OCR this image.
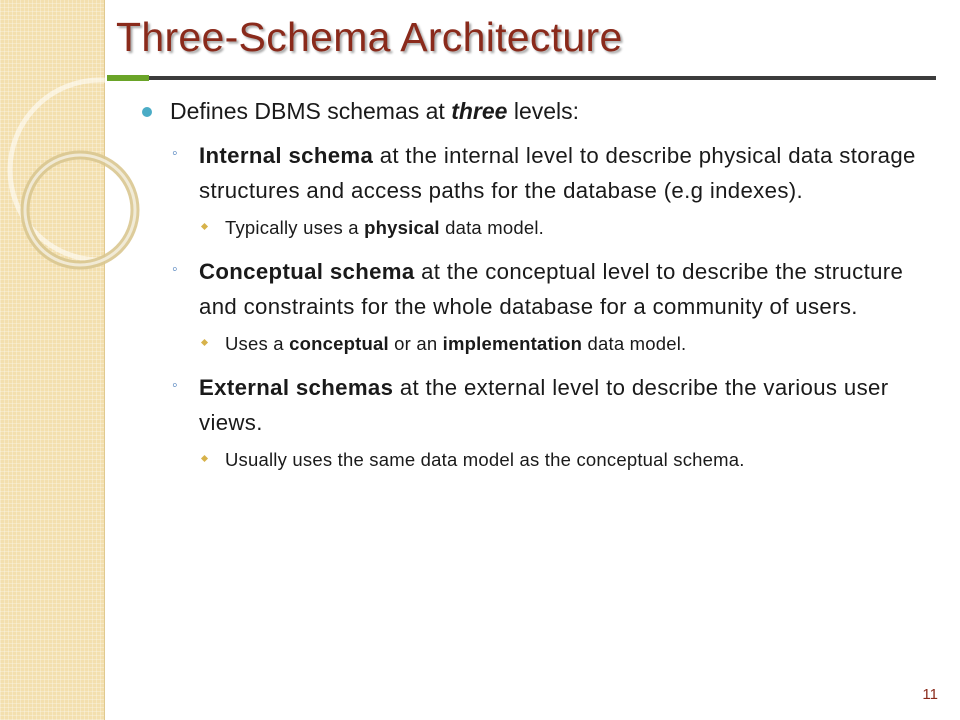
Three-Schema Architecture

Defines DBMS schemas at three levels:

◦ Internal schema at the internal level to describe physical data storage structures and access paths for the database (e.g indexes).
Typically uses a physical data model.
◦ Conceptual schema at the conceptual level to describe the structure and constraints for the whole database for a community of users.
Uses a conceptual or an implementation data model.
◦ External schemas at the external level to describe the various user views.
Usually uses the same data model as the conceptual schema.
11
